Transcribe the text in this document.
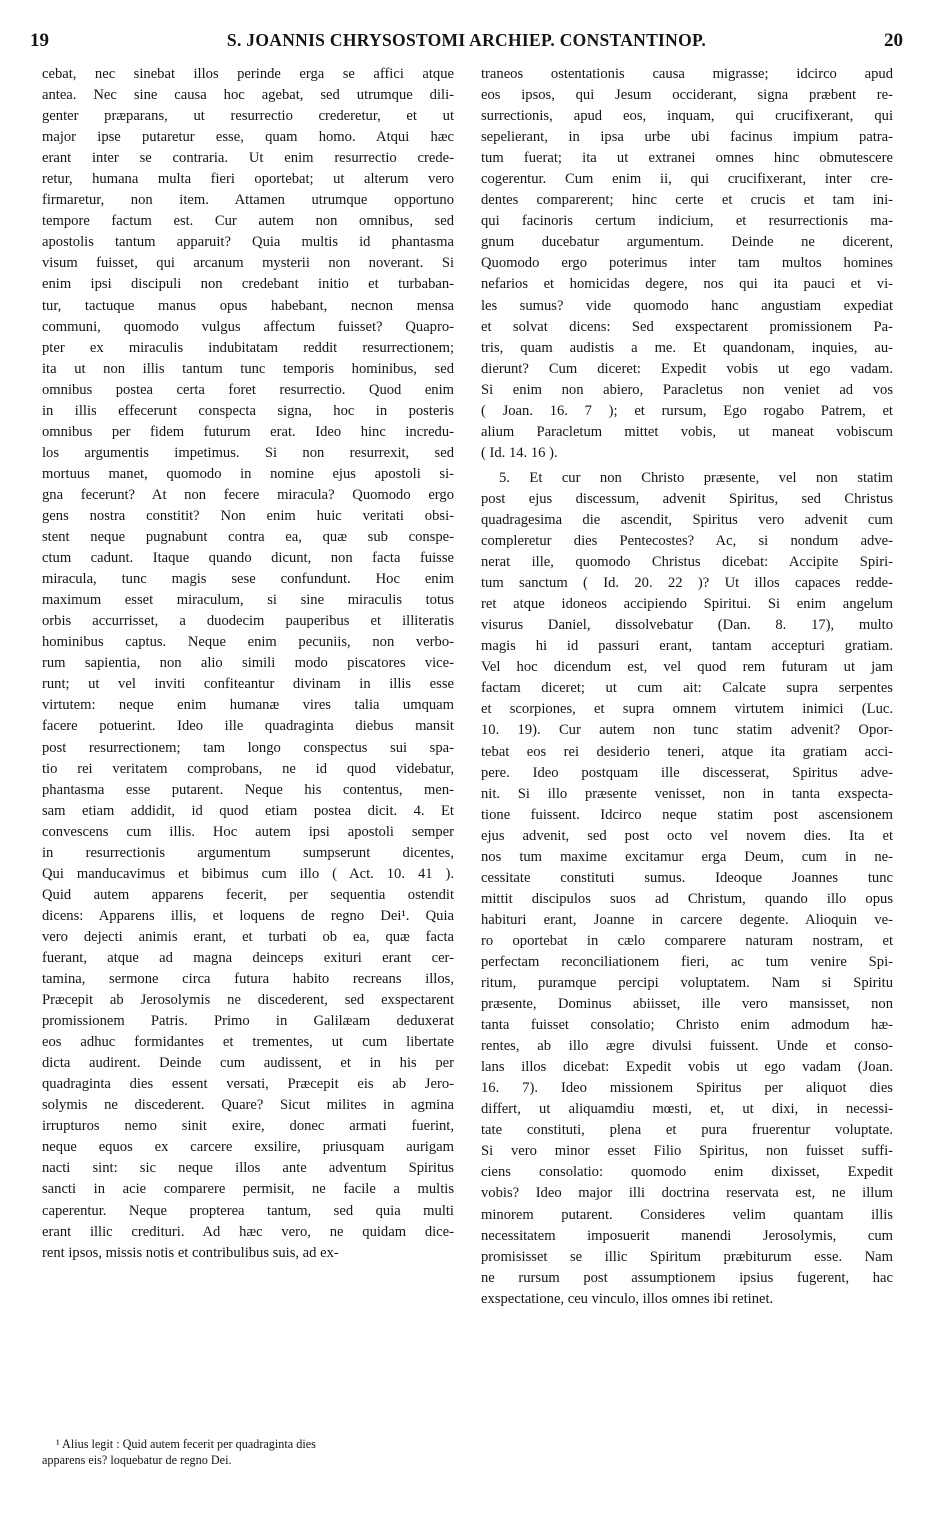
19	S. JOANNIS CHRYSOSTOMI ARCHIEP. CONSTANTINOP.	20
cebat, nec sinebat illos perinde erga se affici atque
antea. Nec sine causa hoc agebat, sed utrumque dili-
genter præparans, ut resurrectio crederetur, et ut
major ipse putaretur esse, quam homo. Atqui hæc
erant inter se contraria. Ut enim resurrectio crede-
retur, humana multa fieri oportebat; ut alterum vero
firmaretur, non item. Attamen utrumque opportuno
tempore factum est. Cur autem non omnibus, sed
apostolis tantum apparuit? Quia multis id phantasma
visum fuisset, qui arcanum mysterii non noverant. Si
enim ipsi discipuli non credebant initio et turbaban-
tur, tactuque manus opus habebant, necnon mensa
communi, quomodo vulgus affectum fuisset? Quapro-
pter ex miraculis indubitatam reddit resurrectionem;
ita ut non illis tantum tunc temporis hominibus, sed
omnibus postea certa foret resurrectio. Quod enim
in illis effecerunt conspecta signa, hoc in posteris
omnibus per fidem futurum erat. Ideo hinc incredu-
los argumentis impetimus. Si non resurrexit, sed
mortuus manet, quomodo in nomine ejus apostoli si-
gna fecerunt? At non fecere miracula? Quomodo ergo
gens nostra constitit? Non enim huic veritati obsi-
stent neque pugnabunt contra ea, quæ sub conspe-
ctum cadunt. Itaque quando dicunt, non facta fuisse
miracula, tunc magis sese confundunt. Hoc enim
maximum esset miraculum, si sine miraculis totus
orbis accurrisset, a duodecim pauperibus et illiteratis
hominibus captus. Neque enim pecuniis, non verbo-
rum sapientia, non alio simili modo piscatores vice-
runt; ut vel inviti confiteantur divinam in illis esse
virtutem: neque enim humanæ vires talia umquam
facere potuerint. Ideo ille quadraginta diebus mansit
post resurrectionem; tam longo conspectus sui spa-
tio rei veritatem comprobans, ne id quod videbatur,
phantasma esse putarent. Neque his contentus, men-
sam etiam addidit, id quod etiam postea dicit. 4. Et
convescens cum illis. Hoc autem ipsi apostoli semper
in resurrectionis argumentum sumpserunt dicentes,
Qui manducavimus et bibimus cum illo ( Act. 10. 41 ).
Quid autem apparens fecerit, per sequentia ostendit
dicens: Apparens illis, et loquens de regno Dei¹. Quia
vero dejecti animis erant, et turbati ob ea, quæ facta
fuerant, atque ad magna deinceps exituri erant cer-
tamina, sermone circa futura habito recreans illos,
Præcepit ab Jerosolymis ne discederent, sed exspectarent
promissionem Patris. Primo in Galilæam deduxerat
eos adhuc formidantes et trementes, ut cum libertate
dicta audirent. Deinde cum audissent, et in his per
quadraginta dies essent versati, Præcepit eis ab Jero-
solymis ne discederent. Quare? Sicut milites in agmina
irrupturos nemo sinit exire, donec armati fuerint,
neque equos ex carcere exsilire, priusquam aurigam
nacti sint: sic neque illos ante adventum Spiritus
sancti in acie comparere permisit, ne facile a multis
caperentur. Neque propterea tantum, sed quia multi
erant illic credituri. Ad hæc vero, ne quidam dice-
rent ipsos, missis notis et contribulibus suis, ad ex-
traneos ostentationis causa migrasse; idcirco apud
eos ipsos, qui Jesum occiderant, signa præbent re-
surrectionis, apud eos, inquam, qui crucifixerant, qui
sepelierant, in ipsa urbe ubi facinus impium patra-
tum fuerat; ita ut extranei omnes hinc obmutescere
cogerentur. Cum enim ii, qui crucifixerant, inter cre-
dentes comparerent; hinc certe et crucis et tam ini-
qui facinoris certum indicium, et resurrectionis ma-
gnum ducebatur argumentum. Deinde ne dicerent,
Quomodo ergo poterimus inter tam multos homines
nefarios et homicidas degere, nos qui ita pauci et vi-
les sumus? vide quomodo hanc angustiam expediat
et solvat dicens: Sed exspectarent promissionem Pa-
tris, quam audistis a me. Et quandonam, inquies, au-
dierunt? Cum diceret: Expedit vobis ut ego vadam.
Si enim non abiero, Paracletus non veniet ad vos
( Joan. 16. 7 ); et rursum, Ego rogabo Patrem, et
alium Paracletum mittet vobis, ut maneat vobiscum
( Id. 14. 16 ).
5. Et cur non Christo præsente, vel non statim
post ejus discessum, advenit Spiritus, sed Christus
quadragesima die ascendit, Spiritus vero advenit cum
compleretur dies Pentecostes? Ac, si nondum adve-
nerat ille, quomodo Christus dicebat: Accipite Spiri-
tum sanctum ( Id. 20. 22 )? Ut illos capaces redde-
ret atque idoneos accipiendo Spiritui. Si enim angelum
visurus Daniel, dissolvebatur (Dan. 8. 17), multo
magis hi id passuri erant, tantam accepturi gratiam.
Vel hoc dicendum est, vel quod rem futuram ut jam
factam diceret; ut cum ait: Calcate supra serpentes
et scorpiones, et supra omnem virtutem inimici (Luc.
10. 19). Cur autem non tunc statim advenit? Opor-
tebat eos rei desiderio teneri, atque ita gratiam acci-
pere. Ideo postquam ille discesserat, Spiritus adve-
nit. Si illo præsente venisset, non in tanta exspecta-
tione fuissent. Idcirco neque statim post ascensionem
ejus advenit, sed post octo vel novem dies. Ita et
nos tum maxime excitamur erga Deum, cum in ne-
cessitate constituti sumus. Ideoque Joannes tunc
mittit discipulos suos ad Christum, quando illo opus
habituri erant, Joanne in carcere degente. Alioquin ve-
ro oportebat in cælo comparere naturam nostram, et
perfectam reconciliationem fieri, ac tum venire Spi-
ritum, puramque percipi voluptatem. Nam si Spiritu
præsente, Dominus abiisset, ille vero mansisset, non
tanta fuisset consolatio; Christo enim admodum hæ-
rentes, ab illo ægre divulsi fuissent. Unde et conso-
lans illos dicebat: Expedit vobis ut ego vadam (Joan.
16. 7). Ideo missionem Spiritus per aliquot dies
differt, ut aliquamdiu mœsti, et, ut dixi, in necessi-
tate constituti, plena et pura fruerentur voluptate.
Si vero minor esset Filio Spiritus, non fuisset suffi-
ciens consolatio: quomodo enim dixisset, Expedit
vobis? Ideo major illi doctrina reservata est, ne illum
minorem putarent. Consideres velim quantam illis
necessitatem imposuerit manendi Jerosolymis, cum
promisisset se illic Spiritum præbiturum esse. Nam
ne rursum post assumptionem ipsius fugerent, hac
exspectatione, ceu vinculo, illos omnes ibi retinet.
¹ Alius legit : Quid autem fecerit per quadraginta dies
apparens eis? loquebatur de regno Dei.
